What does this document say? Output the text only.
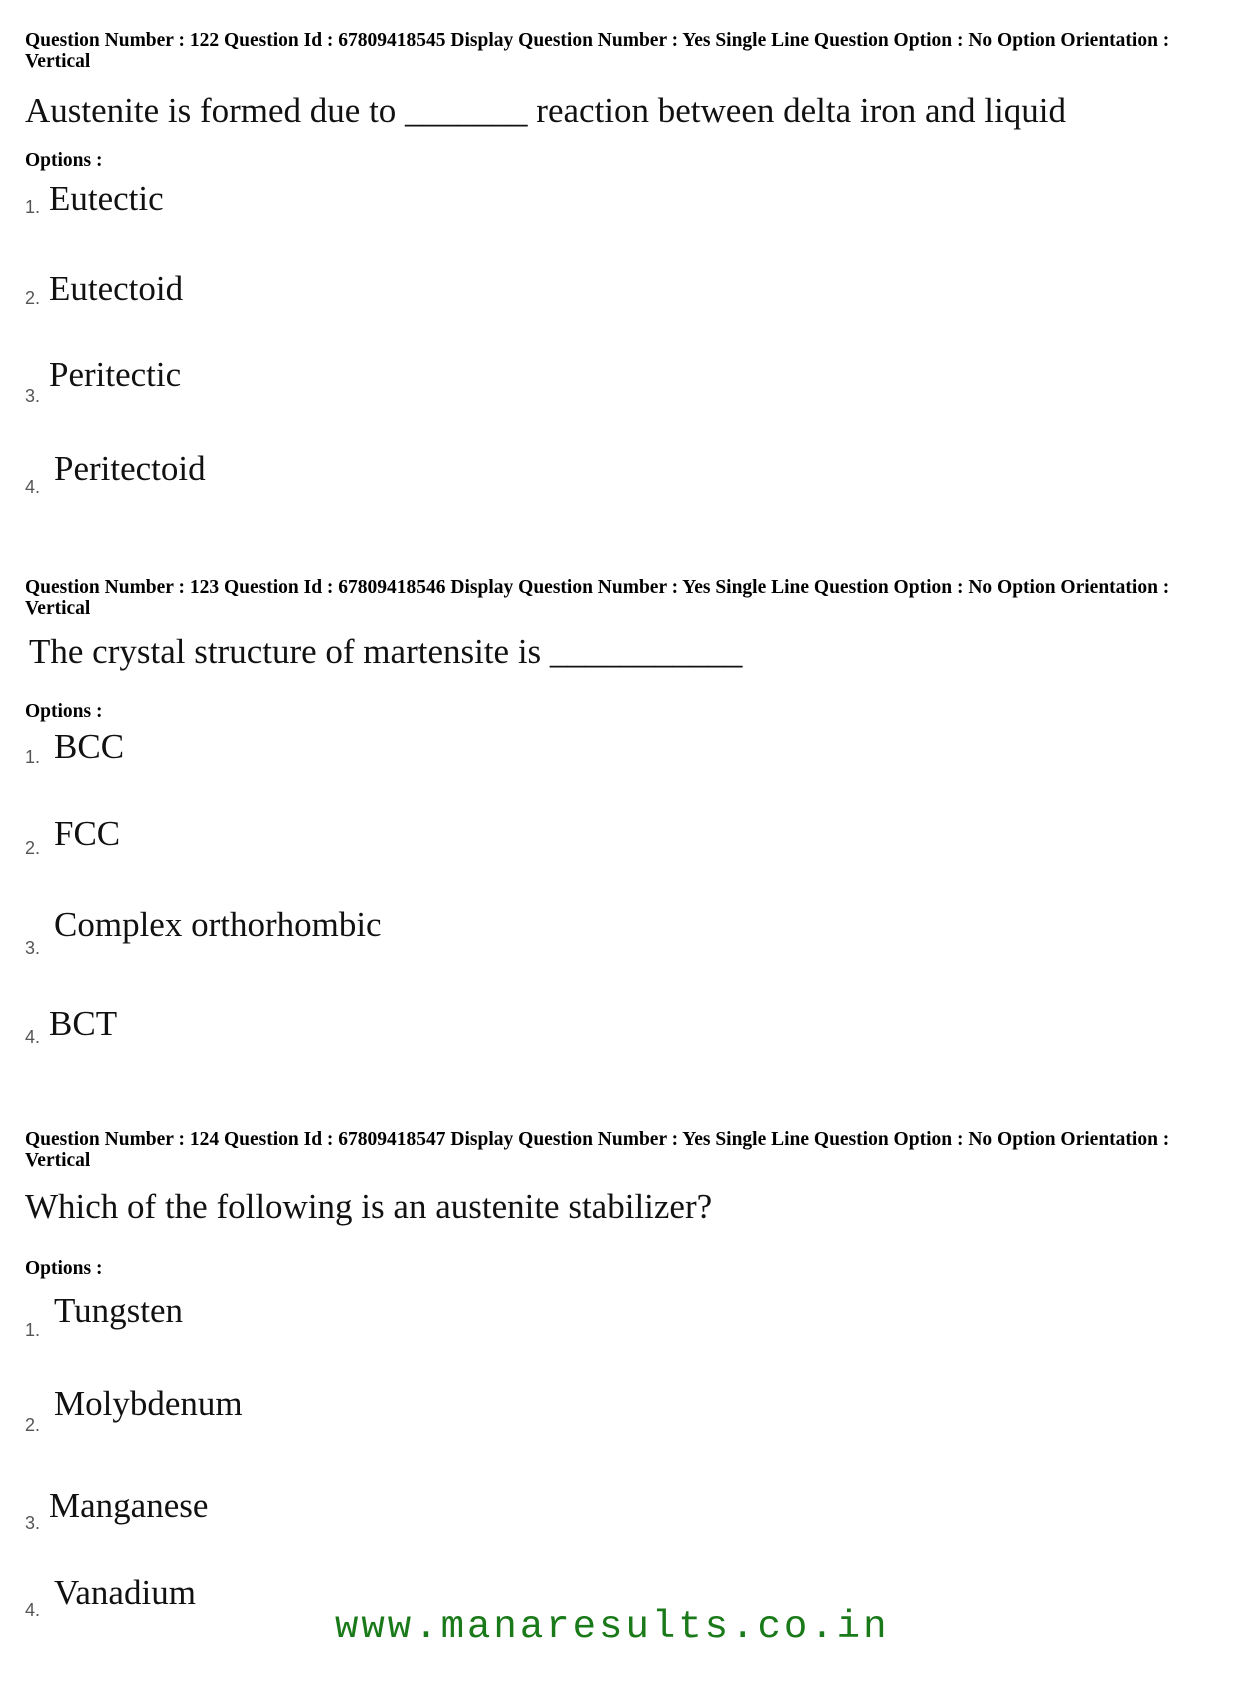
Question Number : 122 Question Id : 67809418545 Display Question Number : Yes Single Line Question Option : No Option Orientation : Vertical
Austenite is formed due to _______ reaction between delta iron and liquid
Options :
1. Eutectic
2. Eutectoid
3.
Peritectic
4. Peritectoid
Question Number : 123 Question Id : 67809418546 Display Question Number : Yes Single Line Question Option : No Option Orientation : Vertical
The crystal structure of martensite is ___________
Options :
1. BCC
2. FCC
3.
Complex orthorhombic
4. BCT
Question Number : 124 Question Id : 67809418547 Display Question Number : Yes Single Line Question Option : No Option Orientation : Vertical
Which of the following is an austenite stabilizer?
Options :
1. Tungsten
2.
Molybdenum
3. Manganese
4. Vanadium
www.manaresults.co.in
